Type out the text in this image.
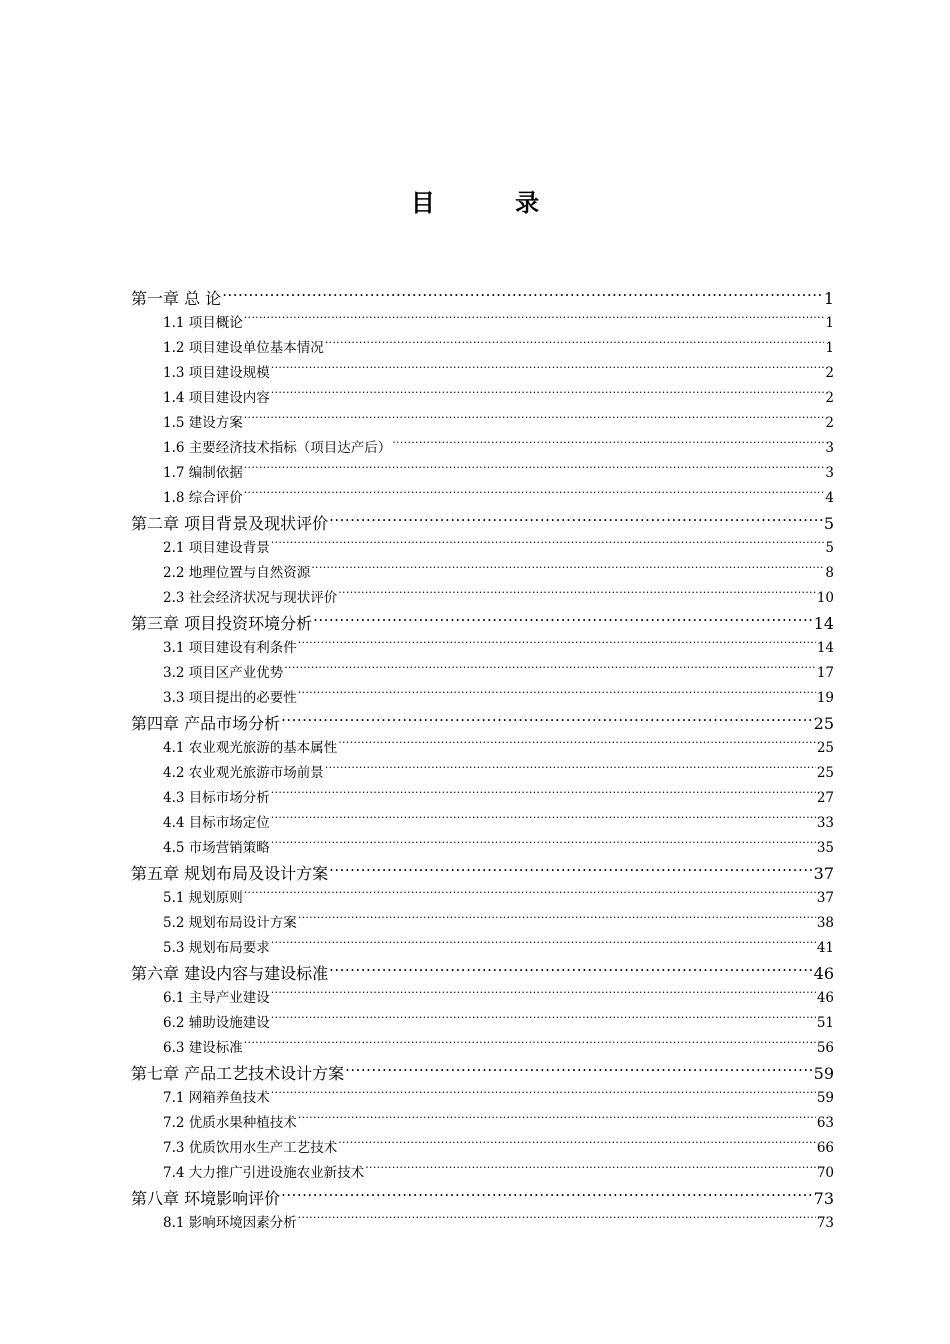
目 录
第一章 总 论 .....	1
1.1 项目概论 .....	1
1.2 项目建设单位基本情况 .....	1
1.3 项目建设规模 .....	2
1.4 项目建设内容 .....	2
1.5 建设方案 .....	2
1.6 主要经济技术指标（项目达产后） .....	3
1.7 编制依据 .....	3
1.8 综合评价 .....	4
第二章 项目背景及现状评价 .....	5
2.1 项目建设背景 .....	5
2.2 地理位置与自然资源 .....	8
2.3 社会经济状况与现状评价 .....	10
第三章 项目投资环境分析 .....	14
3.1 项目建设有利条件 .....	14
3.2 项目区产业优势 .....	17
3.3 项目提出的必要性 .....	19
第四章 产品市场分析 .....	25
4.1 农业观光旅游的基本属性 .....	25
4.2 农业观光旅游市场前景 .....	25
4.3 目标市场分析 .....	27
4.4 目标市场定位 .....	33
4.5 市场营销策略 .....	35
第五章 规划布局及设计方案 .....	37
5.1 规划原则 .....	37
5.2 规划布局设计方案 .....	38
5.3 规划布局要求 .....	41
第六章 建设内容与建设标准 .....	46
6.1 主导产业建设 .....	46
6.2 辅助设施建设 .....	51
6.3 建设标准 .....	56
第七章 产品工艺技术设计方案 .....	59
7.1 网箱养鱼技术 .....	59
7.2 优质水果种植技术 .....	63
7.3 优质饮用水生产工艺技术 .....	66
7.4 大力推广引进设施农业新技术 .....	70
第八章 环境影响评价 .....	73
8.1 影响环境因素分析 .....	73
